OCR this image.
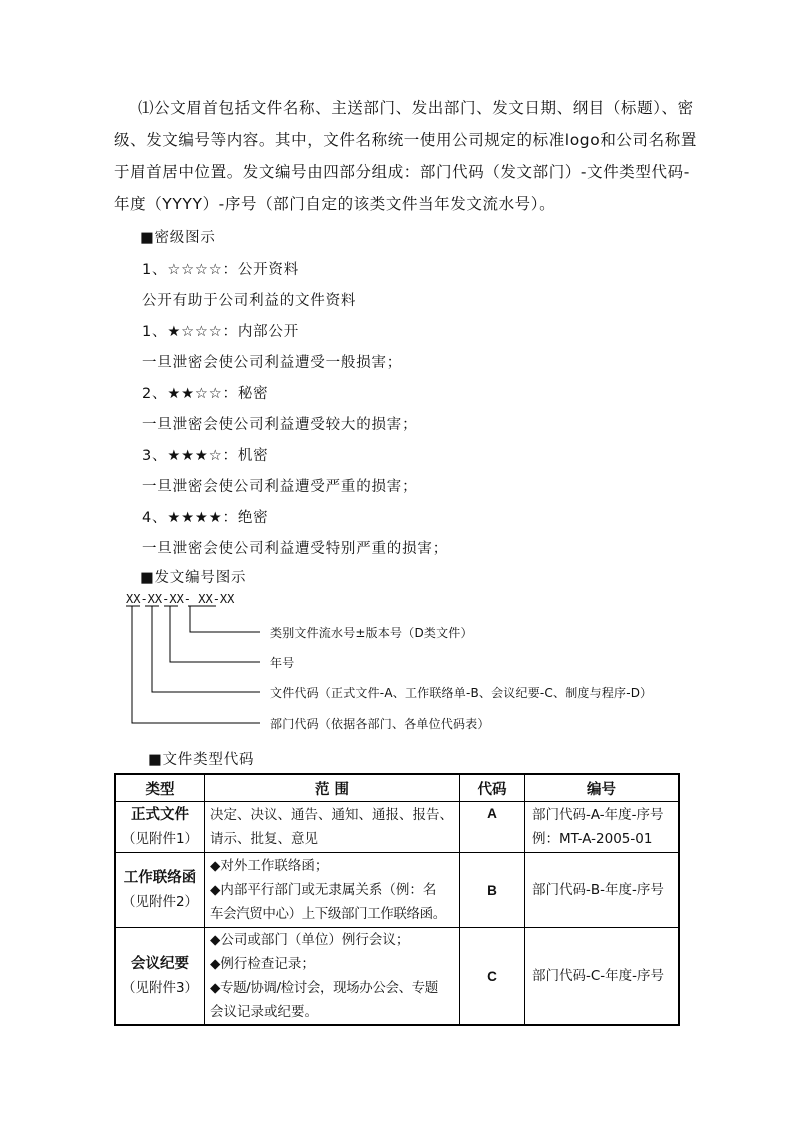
⑴公文眉首包括文件名称、主送部门、发出部门、发文日期、纲目（标题）、密
级、发文编号等内容。其中，文件名称统一使用公司规定的标准logo和公司名称置
于眉首居中位置。发文编号由四部分组成：部门代码（发文部门）-文件类型代码-
年度（YYYY）-序号（部门自定的该类文件当年发文流水号）。
■密级图示
1、☆☆☆☆：公开资料
公开有助于公司利益的文件资料
1、★☆☆☆：内部公开
一旦泄密会使公司利益遭受一般损害；
2、★★☆☆：秘密
一旦泄密会使公司利益遭受较大的损害；
3、★★★☆：机密
一旦泄密会使公司利益遭受严重的损害；
4、★★★★：绝密
一旦泄密会使公司利益遭受特别严重的损害；
■发文编号图示
XX-XX-XX- XX-XX
类别文件流水号±版本号（D类文件）
年号
文件代码（正式文件-A、工作联络单-B、会议纪要-C、制度与程序-D）
部门代码（依据各部门、各单位代码表）
■文件类型代码
类型	范 围	代码	编号

正式文件
（见附件1）	决定、决议、通告、通知、通报、报告、
请示、批复、意见	A	部门代码-A-年度-序号
例：MT-A-2005-01

工作联络函
（见附件2）	◆对外工作联络函；
◆内部平行部门或无隶属关系（例：名
车会汽贸中心）上下级部门工作联络函。	B	部门代码-B-年度-序号

会议纪要
（见附件3）	◆公司或部门（单位）例行会议；
◆例行检查记录；
◆专题/协调/检讨会，现场办公会、专题
会议记录或纪要。	C	部门代码-C-年度-序号
